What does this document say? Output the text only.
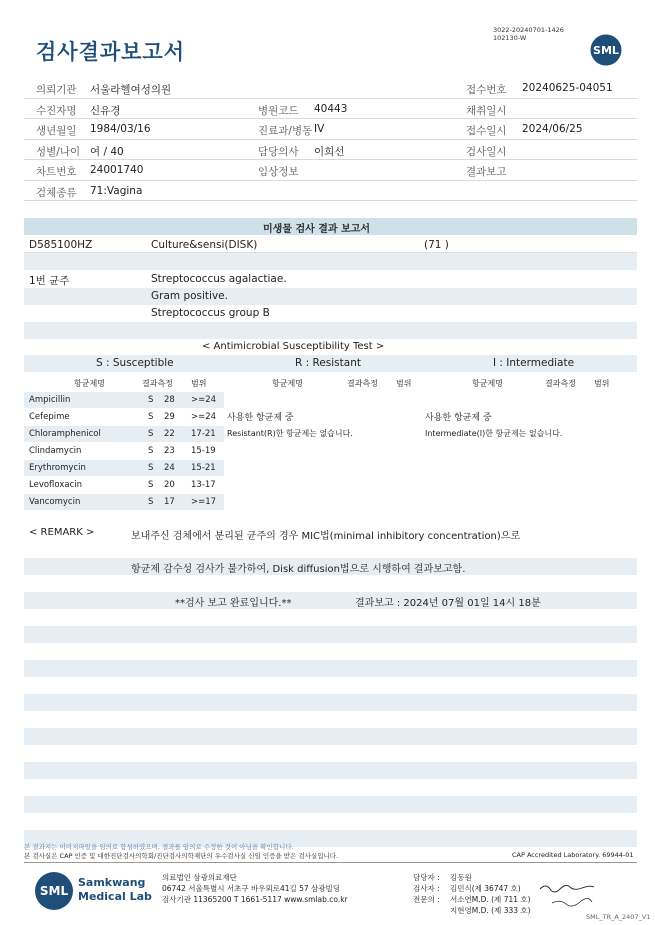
검사결과보고서
3022-20240701-1426
102130-W
SML
의뢰기관 서울라헬여성의원	접수번호 20240625-04051
수진자명 신유경	병원코드 40443	채취일시
생년월일 1984/03/16	진료과/병동 IV	접수일시 2024/06/25
성별/나이 여 / 40	담당의사 이희선	검사일시
차트번호 24001740	임상정보	결과보고
검체종류 71:Vagina
미생물 검사 결과 보고서
D585100HZ	Culture&sensi(DISK)	(71 )
1번 균주	Streptococcus agalactiae.
Gram positive.
Streptococcus group B
< Antimicrobial Susceptibility Test >
S : Susceptible	R : Resistant	I : Intermediate
항균제명	결과측정 범위	항균제명	결과측정 범위	항균제명	결과측정 범위
Ampicillin	S 28 >=24
Cefepime	S 29 >=24
Chloramphenicol	S 22 17-21
Clindamycin	S 23 15-19
Erythromycin	S 24 15-21
Levofloxacin	S 20 13-17
Vancomycin	S 17 >=17
사용한 항균제 중
Resistant(R)한 항균제는 없습니다.
사용한 항균제 중
Intermediate(I)한 항균제는 없습니다.
< REMARK >	보내주신 검체에서 분리된 균주의 경우 MIC법(minimal inhibitory concentration)으로
항균제 감수성 검사가 불가하여, Disk diffusion법으로 시행하여 결과보고함.
**검사 보고 완료입니다.**	결과보고 : 2024년 07월 01일 14시 18분
본 결과지는 이미지파일을 임의로 합성하였으며, 결과를 임의로 수정한 것이 아님을 확인합니다.
본 검사실은 CAP 인증 및 대한진단검사의학회/진단검사의학재단의 우수검사실 신임 인증을 받은 검사실입니다.	CAP Accredited Laboratory. 69944-01
SML
Samkwang
Medical Lab
의료법인 삼광의료재단
06742 서울특별시 서초구 바우뫼로41길 57 삼광빌딩
검사기관 11365200 T 1661-5117 www.smlab.co.kr
담당자 : 김동원
검사자 : 김민식(제 36747 호)
전문의 : 서소연M.D. (제 711 호)
지현영M.D. (제 333 호)
SML_TR_A_2407_V1
